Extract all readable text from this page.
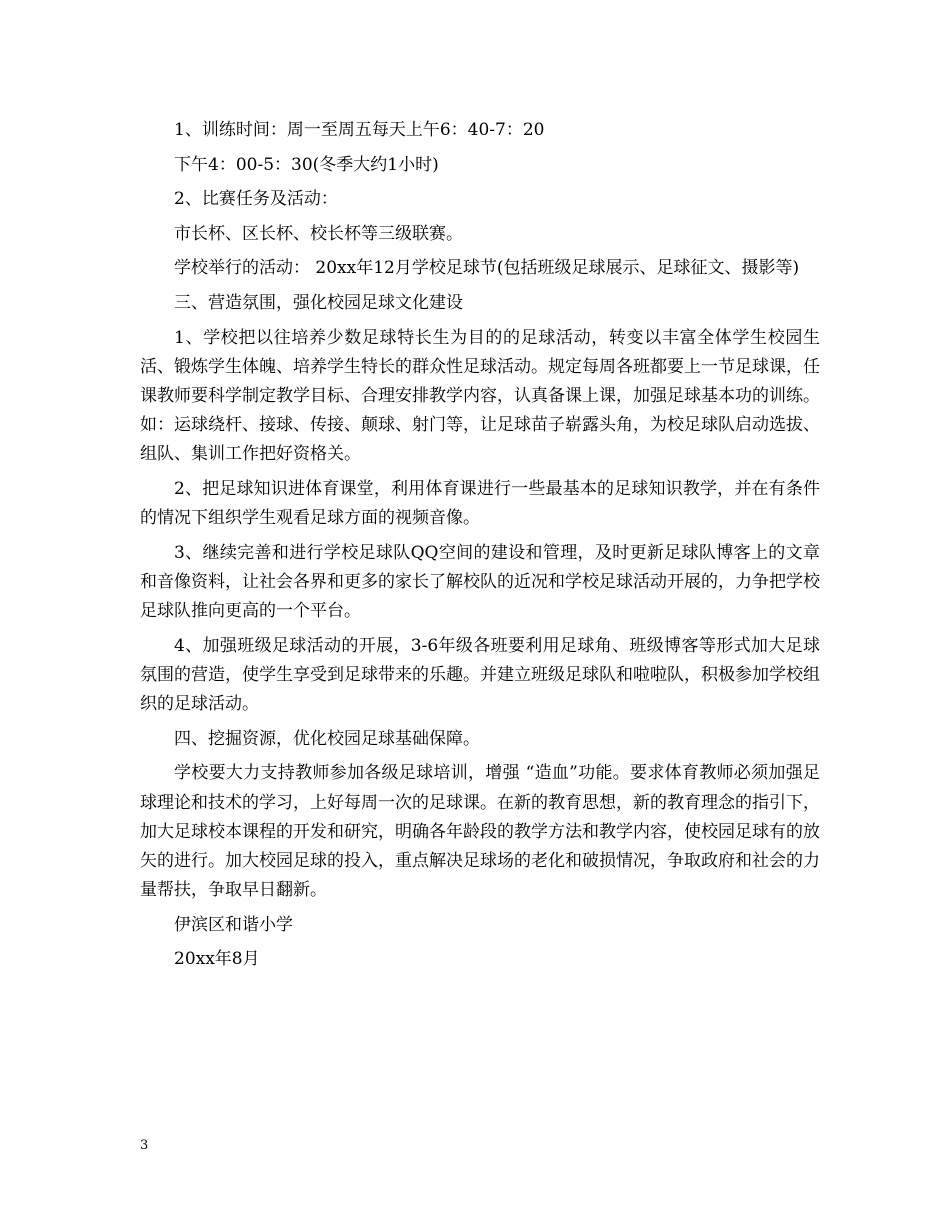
1、训练时间：周一至周五每天上午6：40-7：20

下午4：00-5：30(冬季大约1小时)

2、比赛任务及活动：

市长杯、区长杯、校长杯等三级联赛。

学校举行的活动： 20xx年12月学校足球节(包括班级足球展示、足球征文、摄影等)

三、营造氛围，强化校园足球文化建设

1、学校把以往培养少数足球特长生为目的的足球活动，转变以丰富全体学生校园生活、锻炼学生体魄、培养学生特长的群众性足球活动。规定每周各班都要上一节足球课，任课教师要科学制定教学目标、合理安排教学内容，认真备课上课，加强足球基本功的训练。如：运球绕杆、接球、传接、颠球、射门等，让足球苗子崭露头角，为校足球队启动选拔、组队、集训工作把好资格关。

2、把足球知识进体育课堂，利用体育课进行一些最基本的足球知识教学，并在有条件的情况下组织学生观看足球方面的视频音像。

3、继续完善和进行学校足球队QQ空间的建设和管理，及时更新足球队博客上的文章和音像资料，让社会各界和更多的家长了解校队的近况和学校足球活动开展的，力争把学校足球队推向更高的一个平台。

4、加强班级足球活动的开展，3-6年级各班要利用足球角、班级博客等形式加大足球氛围的营造，使学生享受到足球带来的乐趣。并建立班级足球队和啦啦队，积极参加学校组织的足球活动。

四、挖掘资源，优化校园足球基础保障。

学校要大力支持教师参加各级足球培训，增强 “造血”功能。要求体育教师必须加强足球理论和技术的学习，上好每周一次的足球课。在新的教育思想，新的教育理念的指引下，加大足球校本课程的开发和研究，明确各年龄段的教学方法和教学内容，使校园足球有的放矢的进行。加大校园足球的投入，重点解决足球场的老化和破损情况，争取政府和社会的力量帮扶，争取早日翻新。

伊滨区和谐小学

20xx年8月

3
